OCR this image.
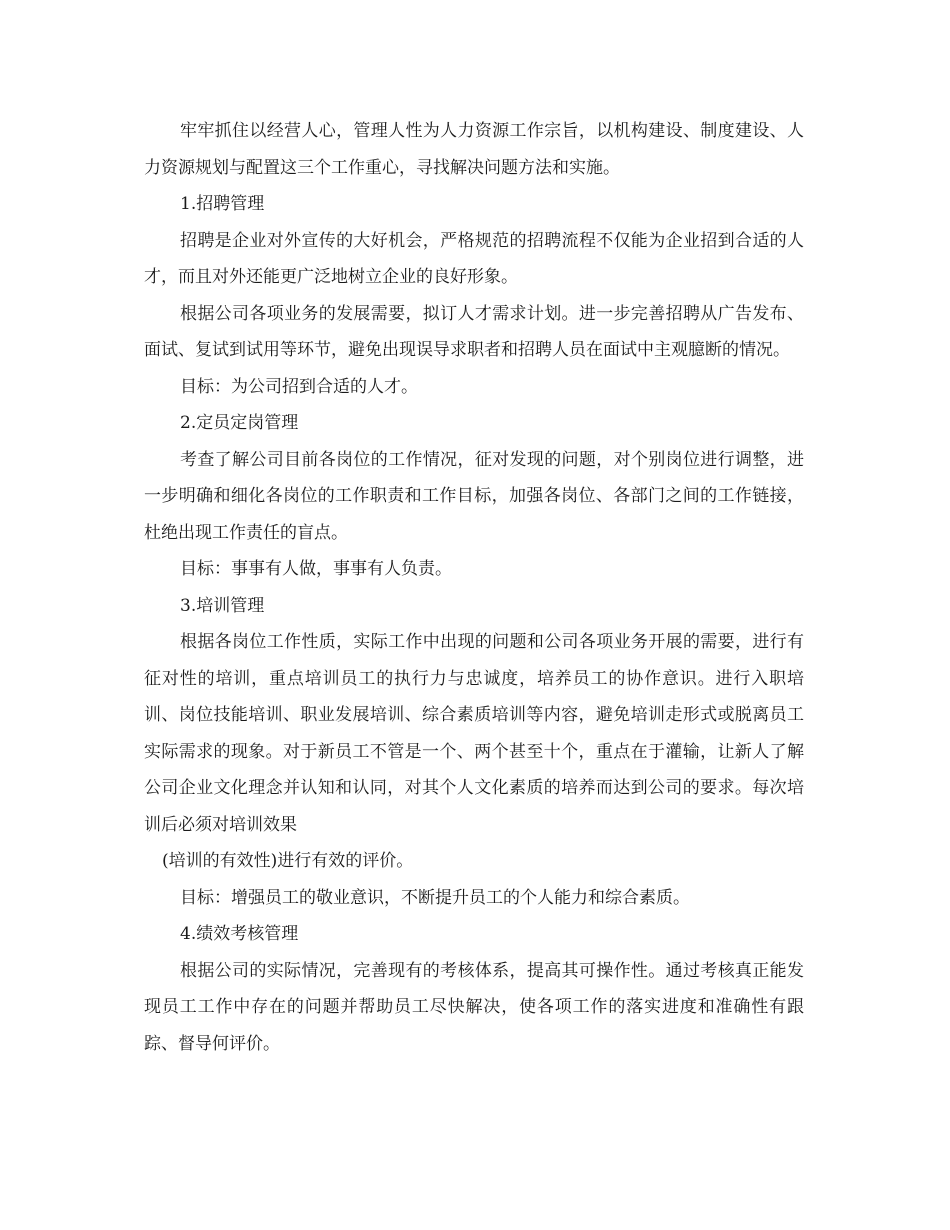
牢牢抓住以经营人心，管理人性为人力资源工作宗旨，以机构建设、制度建设、人力资源规划与配置这三个工作重心，寻找解决问题方法和实施。

1.招聘管理

招聘是企业对外宣传的大好机会，严格规范的招聘流程不仅能为企业招到合适的人才，而且对外还能更广泛地树立企业的良好形象。

根据公司各项业务的发展需要，拟订人才需求计划。进一步完善招聘从广告发布、面试、复试到试用等环节，避免出现误导求职者和招聘人员在面试中主观臆断的情况。

目标：为公司招到合适的人才。

2.定员定岗管理

考查了解公司目前各岗位的工作情况，征对发现的问题，对个别岗位进行调整，进一步明确和细化各岗位的工作职责和工作目标，加强各岗位、各部门之间的工作链接，杜绝出现工作责任的盲点。

目标：事事有人做，事事有人负责。

3.培训管理

根据各岗位工作性质，实际工作中出现的问题和公司各项业务开展的需要，进行有征对性的培训，重点培训员工的执行力与忠诚度，培养员工的协作意识。进行入职培训、岗位技能培训、职业发展培训、综合素质培训等内容，避免培训走形式或脱离员工实际需求的现象。对于新员工不管是一个、两个甚至十个，重点在于灌输，让新人了解公司企业文化理念并认知和认同，对其个人文化素质的培养而达到公司的要求。每次培训后必须对培训效果

(培训的有效性)进行有效的评价。

目标：增强员工的敬业意识，不断提升员工的个人能力和综合素质。

4.绩效考核管理

根据公司的实际情况，完善现有的考核体系，提高其可操作性。通过考核真正能发现员工工作中存在的问题并帮助员工尽快解决，使各项工作的落实进度和准确性有跟踪、督导何评价。
